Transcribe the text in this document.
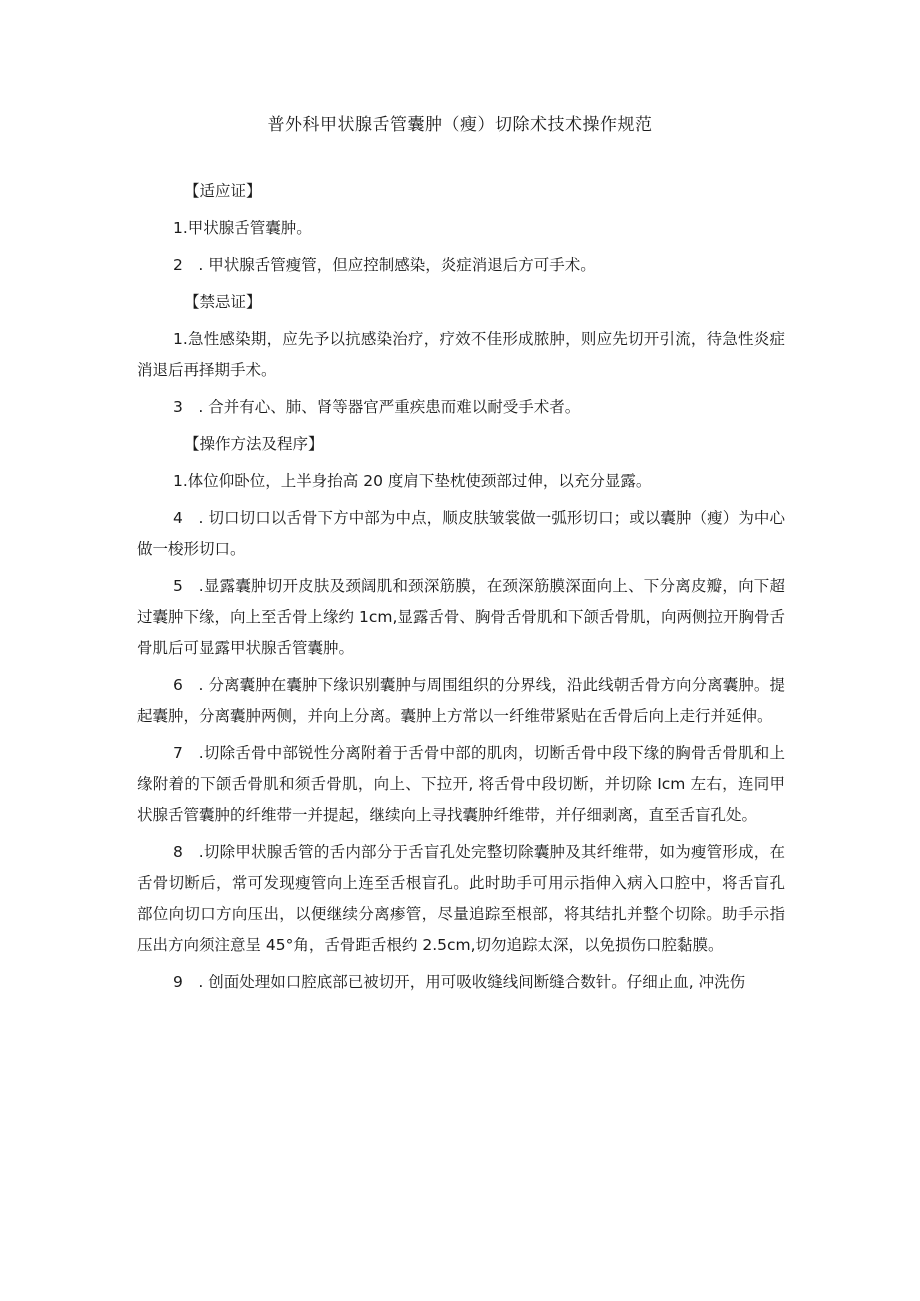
普外科甲状腺舌管囊肿（瘦）切除术技术操作规范

【适应证】

1.甲状腺舌管囊肿。

2　. 甲状腺舌管瘦管，但应控制感染，炎症消退后方可手术。

【禁忌证】

1.急性感染期，应先予以抗感染治疗，疗效不佳形成脓肿，则应先切开引流，待急性炎症消退后再择期手术。

3　. 合并有心、肺、肾等器官严重疾患而难以耐受手术者。

【操作方法及程序】

1.体位仰卧位，上半身抬高 20 度肩下垫枕使颈部过伸，以充分显露。

4　. 切口切口以舌骨下方中部为中点，顺皮肤皱裳做一弧形切口；或以囊肿（瘦）为中心做一梭形切口。

5　.显露囊肿切开皮肤及颈阔肌和颈深筋膜，在颈深筋膜深面向上、下分离皮瓣，向下超过囊肿下缘，向上至舌骨上缘约 1cm,显露舌骨、胸骨舌骨肌和下颌舌骨肌，向两侧拉开胸骨舌骨肌后可显露甲状腺舌管囊肿。

6　. 分离囊肿在囊肿下缘识别囊肿与周围组织的分界线，沿此线朝舌骨方向分离囊肿。提起囊肿，分离囊肿两侧，并向上分离。囊肿上方常以一纤维带紧贴在舌骨后向上走行并延伸。

7　.切除舌骨中部锐性分离附着于舌骨中部的肌肉，切断舌骨中段下缘的胸骨舌骨肌和上缘附着的下颌舌骨肌和须舌骨肌，向上、下拉开, 将舌骨中段切断，并切除 Icm 左右，连同甲状腺舌管囊肿的纤维带一并提起，继续向上寻找囊肿纤维带，并仔细剥离，直至舌盲孔处。

8　.切除甲状腺舌管的舌内部分于舌盲孔处完整切除囊肿及其纤维带，如为瘦管形成，在舌骨切断后，常可发现瘦管向上连至舌根盲孔。此时助手可用示指伸入病入口腔中，将舌盲孔部位向切口方向压出，以便继续分离瘆管，尽量追踪至根部，将其结扎并整个切除。助手示指压出方向须注意呈 45°角，舌骨距舌根约 2.5cm,切勿追踪太深，以免损伤口腔黏膜。

9　. 创面处理如口腔底部已被切开，用可吸收缝线间断缝合数针。仔细止血, 冲洗伤
